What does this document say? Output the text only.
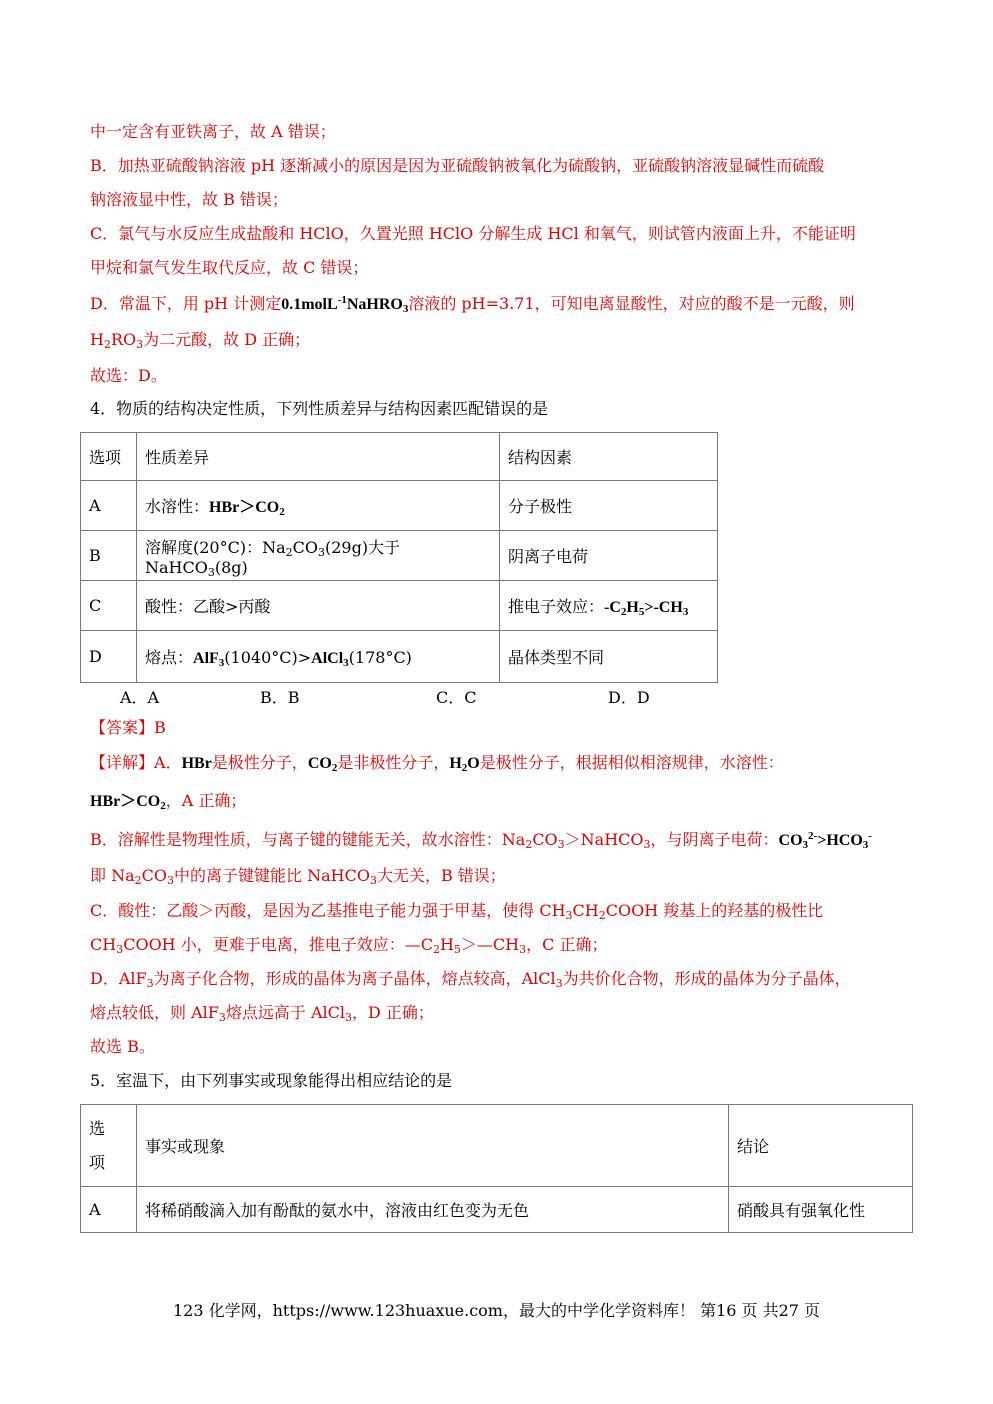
中一定含有亚铁离子，故 A 错误；
B．加热亚硫酸钠溶液 pH 逐渐减小的原因是因为亚硫酸钠被氧化为硫酸钠，亚硫酸钠溶液显碱性而硫酸
钠溶液显中性，故 B 错误；
C．氯气与水反应生成盐酸和 HClO，久置光照 HClO 分解生成 HCl 和氧气，则试管内液面上升，不能证明
甲烷和氯气发生取代反应，故 C 错误；
D．常温下，用 pH 计测定0.1molL$^{-1}$NaHRO$_3$溶液的 pH=3.71，可知电离显酸性，对应的酸不是一元酸，则
$H_2RO_3$为二元酸，故 D 正确；
故选：D。
4．物质的结构决定性质，下列性质差异与结构因素匹配错误的是
选项	性质差异	结构因素
A	水溶性：$HBr>CO_2$	分子极性
B	溶解度(20°C)：$Na_2CO_3(29g)$大于 NaHCO$_3$(8g)	阴离子电荷
C	酸性：乙酸>丙酸	推电子效应：$-C_2H_5>-CH_3$
D	熔点：AlF$_3$(1040°C)>AlCl$_3$(178°C)	晶体类型不同
A．A	B．B	C．C	D．D
【答案】B
【详解】A．HBr是极性分子，$CO_2$是非极性分子，$H_2O$是极性分子，根据相似相溶规律，水溶性：
$HBr>CO_2$，A 正确；
B．溶解性是物理性质，与离子键的键能无关，故水溶性：$Na_2CO_3>NaHCO_3$，与阴离子电荷：$CO_3^{2-}>HCO_3^-$
即 $Na_2CO_3$中的离子键键能比 NaHCO$_3$大无关，B 错误；
C．酸性：乙酸＞丙酸，是因为乙基推电子能力强于甲基，使得 $CH_3CH_2COOH$ 羧基上的羟基的极性比
$CH_3COOH$ 小，更难于电离，推电子效应：$—C_2H_5>—CH_3$，C 正确；
D．AlF$_3$为离子化合物，形成的晶体为离子晶体，熔点较高，AlCl$_3$为共价化合物，形成的晶体为分子晶体，
熔点较低，则 AlF$_3$熔点远高于 AlCl$_3$，D 正确；
故选 B。
5．室温下，由下列事实或现象能得出相应结论的是
选
项	事实或现象	结论
A	将稀硝酸滴入加有酚酞的氨水中，溶液由红色变为无色	硝酸具有强氧化性
123 化学网，https://www.123huaxue.com，最大的中学化学资料库！ 第16 页 共27 页
